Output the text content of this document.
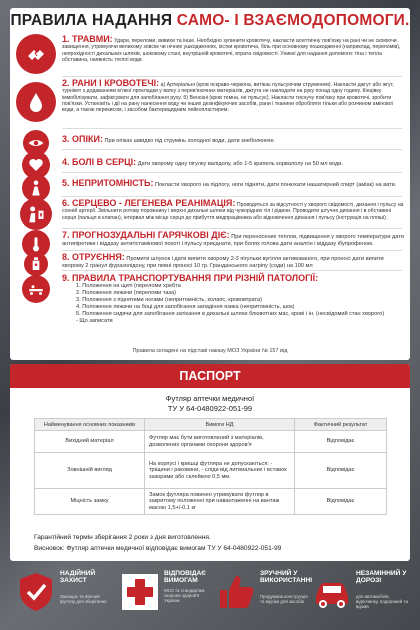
ПРАВИЛА НАДАННЯ САМО- І ВЗАЄМОДОПОМОГИ.
1. ТРАВМИ: Удари, переломи, вивихи та інше. Необхідно зупинити кровотечу, накласти асептичну пов'язку на рані чи не скоюючи завищення, утримуючи великому зовсім чи нічних ушкодженнях, кістки кровотеча, біль при основному пошкодженні (наприклад, переломів), непрохідності дихальних шляхів, шоковому стані, внутрішній кровотечі, втрата свідомості. Уникні для надання допомоги: тіна і тепла обставина, наявність тяглої води.
2. РАНИ І КРОВОТЕЧІ: а) Артеріальні (кров яскраво-червона, витікає пульсуючим струменем). Накласти джгут або жгут, турнікет з додаванням м'якої прокладки у ватку з перев'язочних матеріалів, джгута не накладати на руку понад одну годину. Кінцівку іммобілізувати, зафіксувати для запобігання руху. б) Венозні (кров темна, не пульсує). Накласти тиснучу пов'язку при кровотечі, зробити пов'язки. Установіть і дії на рану нанесення воду чи інших дезінфікуючих засобів, рани і тканини обробляти тільки або розчином амінової води, а також перекисом, і засобом бактерицидним лейкопластирем.
3. ОПІКИ: При опіках швидко під струмінь холодної води, дати знеболююче.
4. БОЛІ В СЕРЦІ: Дати хворому одну пігулку валідолу, або 1-5 крапель корвалолу на 50 мл води.
5. НЕПРИТОМНІСТЬ: Покласти хворого на підлогу, ноги підняти, дати понюхати нашатирний спирт (аміак) на вати.
6. СЕРЦЕВО - ЛЕГЕНЕВА РЕАНІМАЦІЯ: Проводиться за відсутності у хворого свідомості, дихання і пульсу на сонній артерії. Звільнити ротову порожнину і верхні дихальні шляхи від чужорідних тіл і рідини. Проводити штучне дихання і в обставині серця (пальця в клапан), інтервал між місце серця до прибуття медпрацівника або відновлення дихання і пульсу (інструкція на пляші).
7. ПРОГНОЗУДАЛЬНІ ГАРЯЧКОВІ ДІЄ: При переносених теплов, підвищення у хворого температури дати антипіретики і віддазу антигістамінової похоті і пульсу приєднати, при болях голова дати аналгін і віддазу ібупрофеном.
8. ОТРУЄННЯ: Промити шлунок і дати випити хворому 2-3 пігульки вугілля активованого, при проносі дати випити хворому 2 гранул фуразолідону, при певні проносі 10 гр. Гранданського нагріпу (соди) на 100 мл
9. ПРАВИЛА ТРАНСПОРТУВАННЯ ПРИ РІЗНІЙ ПАТОЛОГІЇ:
1. Положення на щиті (переломи хребта
2. Положення лежачи (переломи таза)
3. Положення з піднятими ногами (непритомність, колапс, крововтрата)
4. Положення лежачи на боці для запобігання западіння язика (непритомність, шок)
5. Положення сидячи для запобігання затікання в дихальні шляхи блювотних мас, крові і ін. (несвідомий стан хворого)
- Що записати
Правила складені на підставі наказу МОЗ України № 157 від
ПАСПОРТ
Футляр аптечки медичної
ТУ У 64-0480922-051-99
Найменування основних показників	Вимоги НД	Фактичний результат
Вихідний матеріал	Футляр має бути виготовлений з матеріалів, дозволених органами охорони здоров'я	Відповідає
Зовнішній вигляд	На корпусі і кришці футляра не допускаються: - тріщини і раковини, - сліди від литвиальних і вставок зазорами або склейкою 0,5 мм.	Відповідає
Міцність замку	Замок футляра повинен утримувати футляр в закритому положенні при навантаженні на вантаж масою 1,5+/-0,1 кг	Відповідає
Гарантійний термін зберігання 2 роки з дня виготовлення.
Висновок: Футляр аптечки медичної відповідає вимогам ТУ У 64-0480922-051-99
НАДІЙНИЙ ЗАХИСТ
Захищає та якісний футляр для зберігання
ВІДПОВІДАЄ ВИМОГАМ
МОЗ та стандартам охорони здоров'я України
ЗРУЧНИЙ У ВИКОРИСТАННІ
Продумана конструкція та відсіки для засобів
НЕЗАМІННИЙ У ДОРОЗІ
для автомобілів, відпочинку, подорожей та вдома
